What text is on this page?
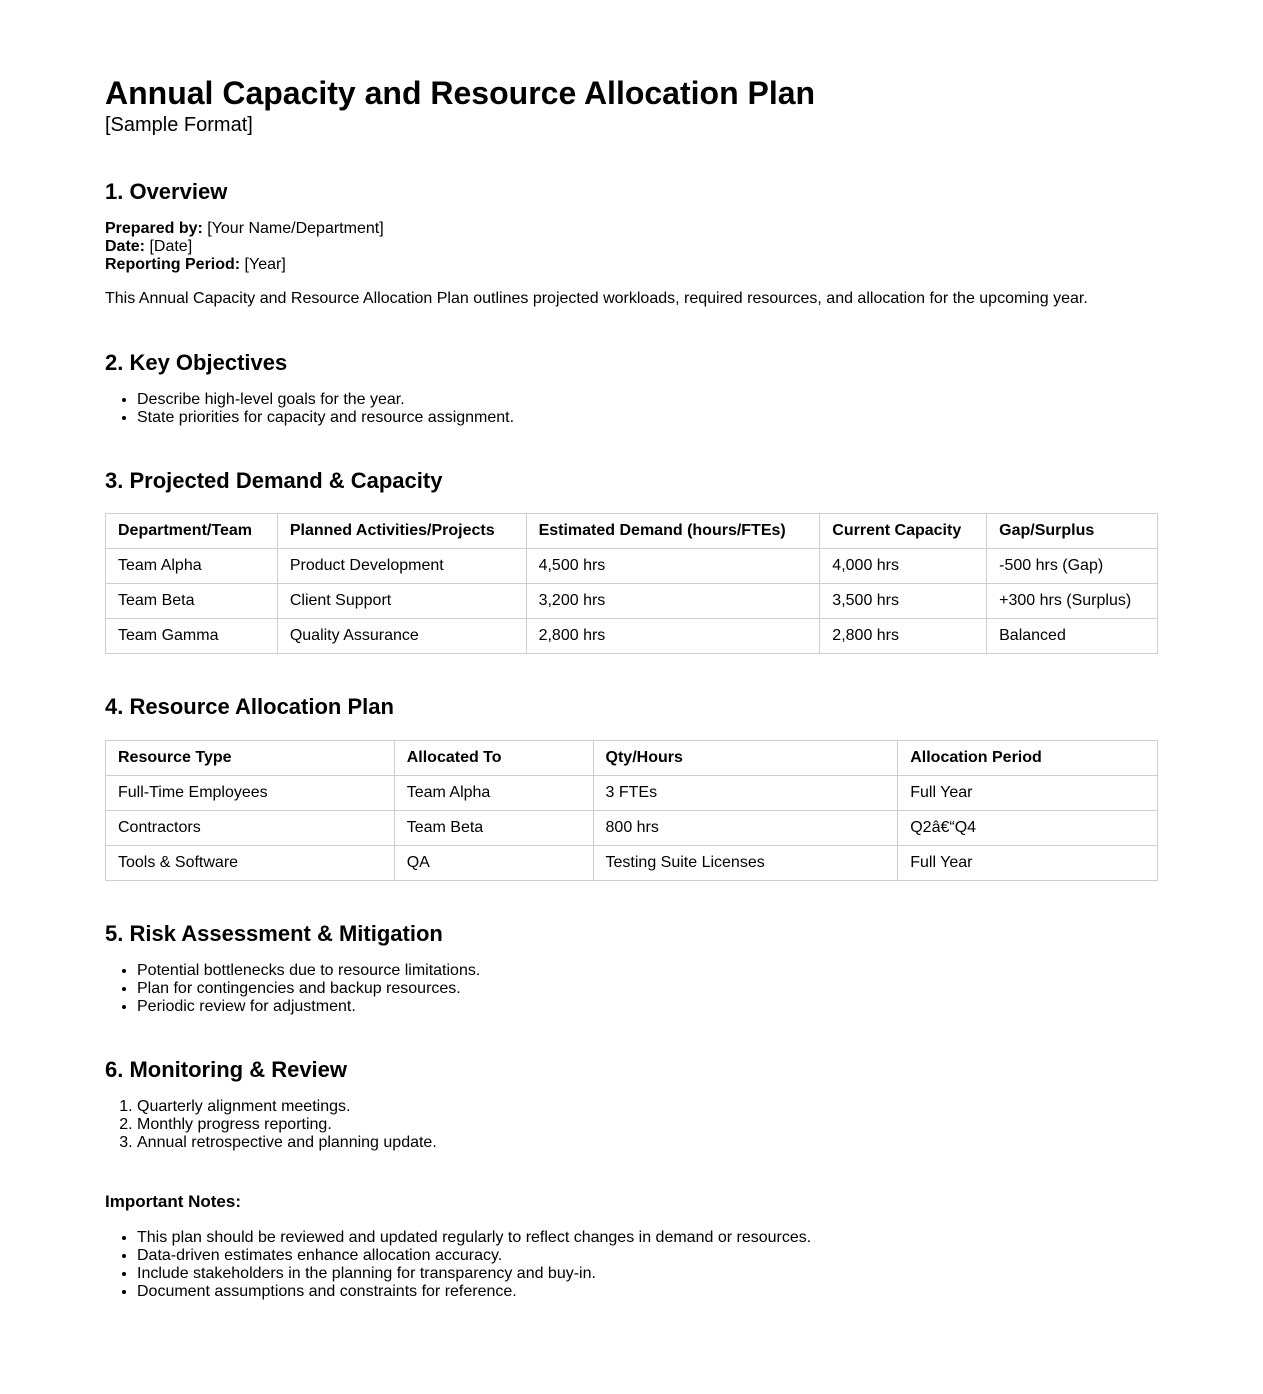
Annual Capacity and Resource Allocation Plan
[Sample Format]
1. Overview
Prepared by: [Your Name/Department]
Date: [Date]
Reporting Period: [Year]

This Annual Capacity and Resource Allocation Plan outlines projected workloads, required resources, and allocation for the upcoming year.

2. Key Objectives
• Describe high-level goals for the year.
• State priorities for capacity and resource assignment.
3. Projected Demand & Capacity
Department/Team	Planned Activities/Projects	Estimated Demand (hours/FTEs)	Current Capacity	Gap/Surplus
Team Alpha	Product Development	4,500 hrs	4,000 hrs	-500 hrs (Gap)
Team Beta	Client Support	3,200 hrs	3,500 hrs	+300 hrs (Surplus)
Team Gamma	Quality Assurance	2,800 hrs	2,800 hrs	Balanced
4. Resource Allocation Plan
Resource Type	Allocated To	Qty/Hours	Allocation Period
Full-Time Employees	Team Alpha	3 FTEs	Full Year
Contractors	Team Beta	800 hrs	Q2â€“Q4
Tools & Software	QA	Testing Suite Licenses	Full Year
5. Risk Assessment & Mitigation
• Potential bottlenecks due to resource limitations.
• Plan for contingencies and backup resources.
• Periodic review for adjustment.
6. Monitoring & Review
1. Quarterly alignment meetings.
2. Monthly progress reporting.
3. Annual retrospective and planning update.
Important Notes:
• This plan should be reviewed and updated regularly to reflect changes in demand or resources.
• Data-driven estimates enhance allocation accuracy.
• Include stakeholders in the planning for transparency and buy-in.
• Document assumptions and constraints for reference.
